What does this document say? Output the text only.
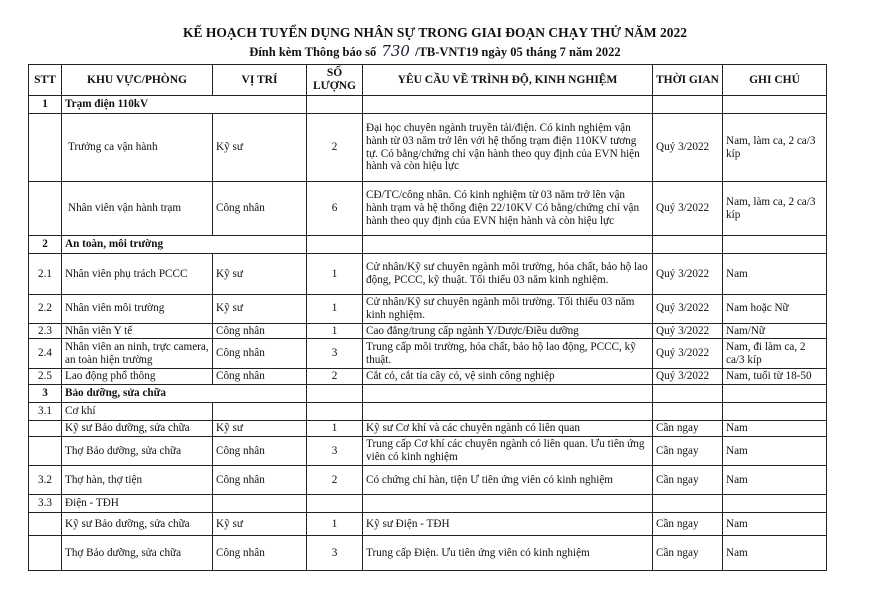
KẾ HOẠCH TUYỂN DỤNG NHÂN SỰ TRONG GIAI ĐOẠN CHẠY THỬ NĂM 2022
Đính kèm Thông báo số 730 /TB-VNT19 ngày 05 tháng 7 năm 2022
STT	KHU VỰC/PHÒNG	VỊ TRÍ	SỐ LƯỢNG	YÊU CẦU VỀ TRÌNH ĐỘ, KINH NGHIỆM	THỜI GIAN	GHI CHÚ
1	Trạm điện 110kV					
	Trưởng ca vận hành	Kỹ sư	2	Đại học chuyên ngành truyền tải/điện. Có kinh nghiệm vận hành từ 03 năm trở lên với hệ thống trạm điện 110KV tương tự. Có bằng/chứng chỉ vận hành theo quy định của EVN hiện hành và còn hiệu lực	Quý 3/2022	Nam, làm ca, 2 ca/3 kíp
	Nhân viên vận hành trạm	Công nhân	6	CĐ/TC/công nhân. Có kinh nghiệm từ 03 năm trở lên vận hành trạm và hệ thống điện 22/10KV Có bằng/chứng chỉ vận hành theo quy định của EVN hiện hành và còn hiệu lực	Quý 3/2022	Nam, làm ca, 2 ca/3 kíp
2	An toàn, môi trường					
2.1	Nhân viên phụ trách PCCC	Kỹ sư	1	Cử nhân/Kỹ sư chuyên ngành môi trường, hóa chất, bảo hộ lao động, PCCC, kỹ thuật. Tối thiểu 03 năm kinh nghiệm.	Quý 3/2022	Nam
2.2	Nhân viên môi trường	Kỹ sư	1	Cử nhân/Kỹ sư chuyên ngành môi trường. Tối thiểu 03 năm kinh nghiệm.	Quý 3/2022	Nam hoặc Nữ
2.3	Nhân viên Y tế	Công nhân	1	Cao đẳng/trung cấp ngành Y/Dược/Điều dưỡng	Quý 3/2022	Nam/Nữ
2.4	Nhân viên an ninh, trực camera, an toàn hiện trường	Công nhân	3	Trung cấp môi trường, hóa chất, bảo hộ lao động, PCCC, kỹ thuật.	Quý 3/2022	Nam, đi làm ca, 2 ca/3 kíp
2.5	Lao động phổ thông	Công nhân	2	Cắt cỏ, cắt tỉa cây cỏ, vệ sinh công nghiệp	Quý 3/2022	Nam, tuổi từ 18-50
3	Bảo dưỡng, sửa chữa					
3.1	Cơ khí					
	Kỹ sư Bảo dưỡng, sửa chữa	Kỹ sư	1	Kỹ sư Cơ khí và các chuyên ngành có liên quan	Cần ngay	Nam
	Thợ Bảo dưỡng, sửa chữa	Công nhân	3	Trung cấp Cơ khí các chuyên ngành có liên quan. Ưu tiên ứng viên có kinh nghiệm	Cần ngay	Nam
3.2	Thợ hàn, thợ tiện	Công nhân	2	Có chứng chỉ hàn, tiện Ư tiên ứng viên có kinh nghiệm	Cần ngay	Nam
3.3	Điện - TĐH					
	Kỹ sư Bảo dưỡng, sửa chữa	Kỹ sư	1	Kỹ sư Điện - TĐH	Cần ngay	Nam
	Thợ Bảo dưỡng, sửa chữa	Công nhân	3	Trung cấp Điện. Ưu tiên ứng viên có kinh nghiệm	Cần ngay	Nam
